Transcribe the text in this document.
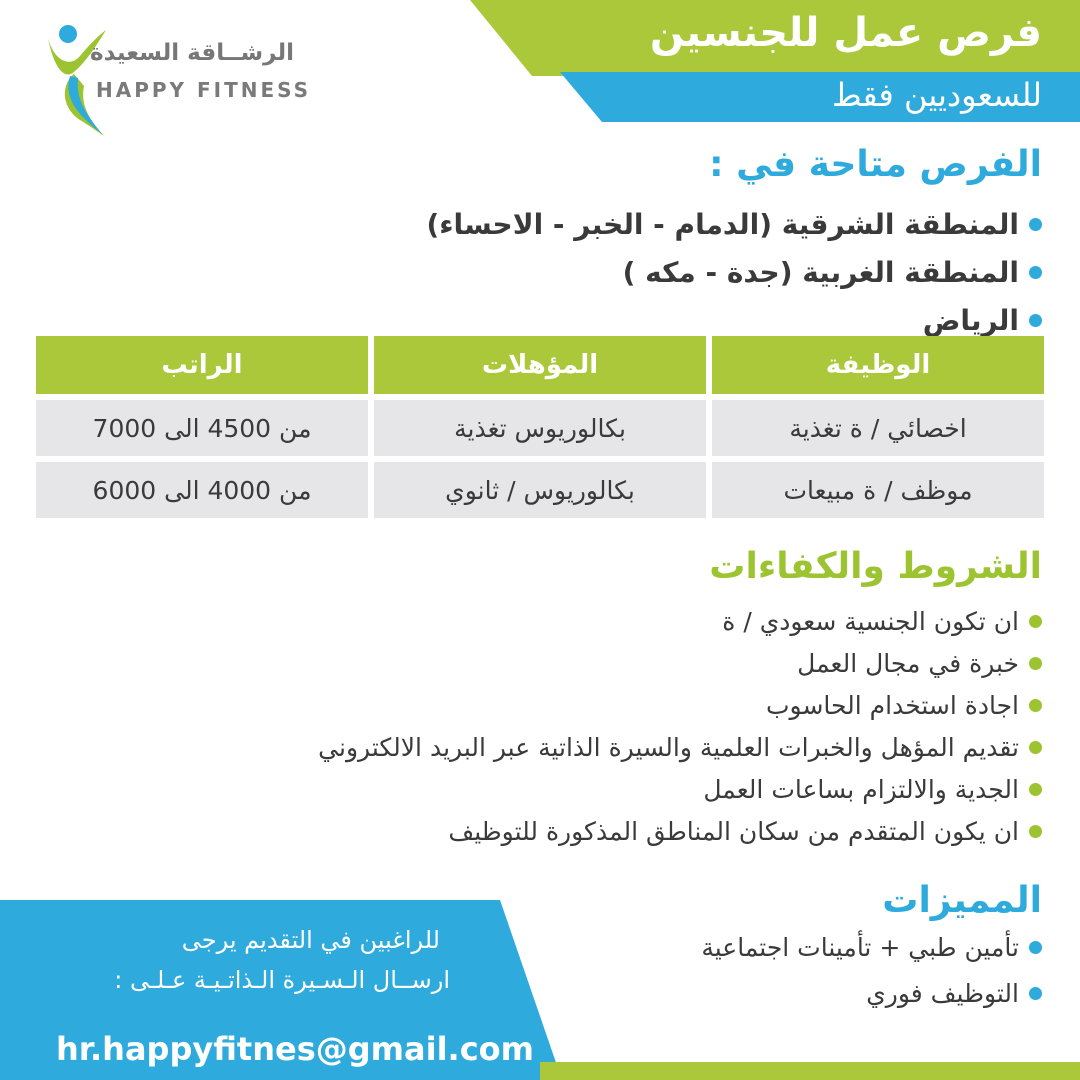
فرص عمل للجنسين
للسعوديين فقط
الرشــاقة السعيدة
HAPPY FITNESS
الفرص متاحة في :
المنطقة الشرقية (الدمام - الخبر - الاحساء)
المنطقة الغربية (جدة - مكه )
الرياض
الوظيفة
المؤهلات
الراتب
اخصائي / ة تغذية
بكالوريوس تغذية
من 4500 الى 7000
موظف / ة مبيعات
بكالوريوس / ثانوي
من 4000 الى 6000
الشروط والكفاءات
ان تكون الجنسية سعودي / ة
خبرة في مجال العمل
اجادة استخدام الحاسوب
تقديم المؤهل والخبرات العلمية والسيرة الذاتية عبر البريد الالكتروني
الجدية والالتزام بساعات العمل
ان يكون المتقدم من سكان المناطق المذكورة للتوظيف
المميزات
تأمين طبي + تأمينات اجتماعية
التوظيف فوري
للراغبين في التقديم يرجى
ارســال الـسـيرة الـذاتـيـة عـلـى :
hr.happyfitnes@gmail.com
